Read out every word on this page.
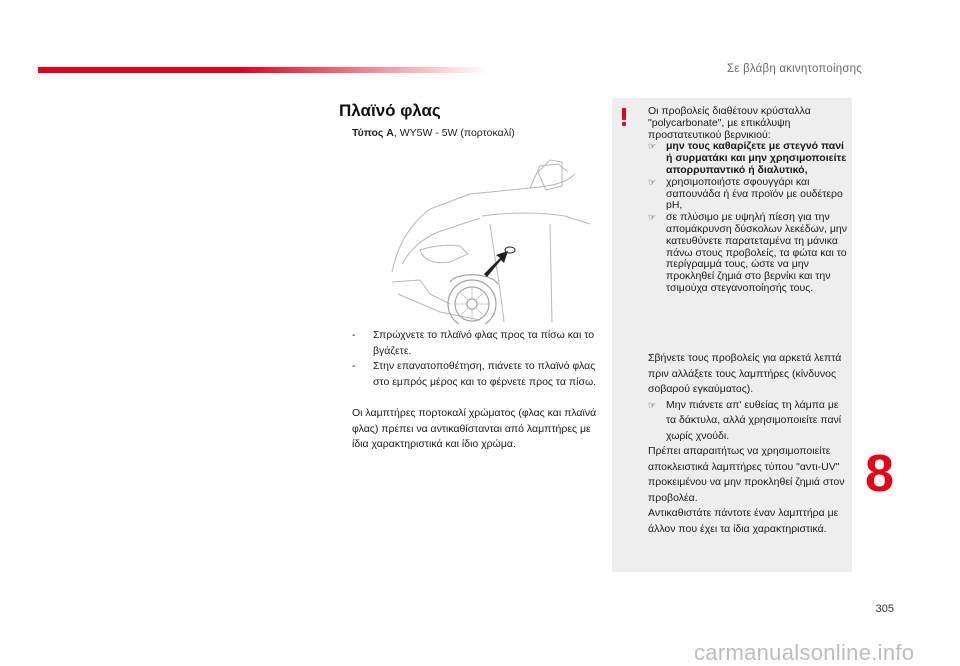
Σε βλάβη ακινητοποίησης
Πλαϊνό φλας
Τύπος A, WY5W - 5W (πορτοκαλί)
- Σπρώχνετε το πλαϊνό φλας προς τα πίσω και το βγάζετε.
- Στην επανατοποθέτηση, πιάνετε το πλαϊνό φλας στο εμπρός μέρος και το φέρνετε προς τα πίσω.

Οι λαμπτήρες πορτοκαλί χρώματος (φλας και πλαϊνά φλας) πρέπει να αντικαθίστανται από λαμπτήρες με ίδια χαρακτηριστικά και ίδιο χρώμα.

Οι προβολείς διαθέτουν κρύσταλλα "polycarbonate", με επικάλυψη προστατευτικού βερνικιού:
☞ μην τους καθαρίζετε με στεγνό πανί ή συρματάκι και μην χρησιμοποιείτε απορρυπαντικό ή διαλυτικό,
☞ χρησιμοποιήστε σφουγγάρι και σαπουνάδα ή ένα προϊόν με ουδέτερο pH,
☞ σε πλύσιμο με υψηλή πίεση για την απομάκρυνση δύσκολων λεκέδων, μην κατευθύνετε παρατεταμένα τη μάνικα πάνω στους προβολείς, τα φώτα και το περίγραμμά τους, ώστε να μην προκληθεί ζημιά στο βερνίκι και την τσιμούχα στεγανοποίησής τους.
Σβήνετε τους προβολείς για αρκετά λεπτά πριν αλλάξετε τους λαμπτήρες (κίνδυνος σοβαρού εγκαύματος).
☞ Μην πιάνετε απ' ευθείας τη λάμπα με τα δάκτυλα, αλλά χρησιμοποιείτε πανί χωρίς χνούδι.
Πρέπει απαραιτήτως να χρησιμοποιείτε αποκλειστικά λαμπτήρες τύπου "αντι-UV" προκειμένου να μην προκληθεί ζημιά στον προβολέα.
Αντικαθιστάτε πάντοτε έναν λαμπτήρα με άλλον που έχει τα ίδια χαρακτηριστικά.
8
305
carmanualsonline.info
